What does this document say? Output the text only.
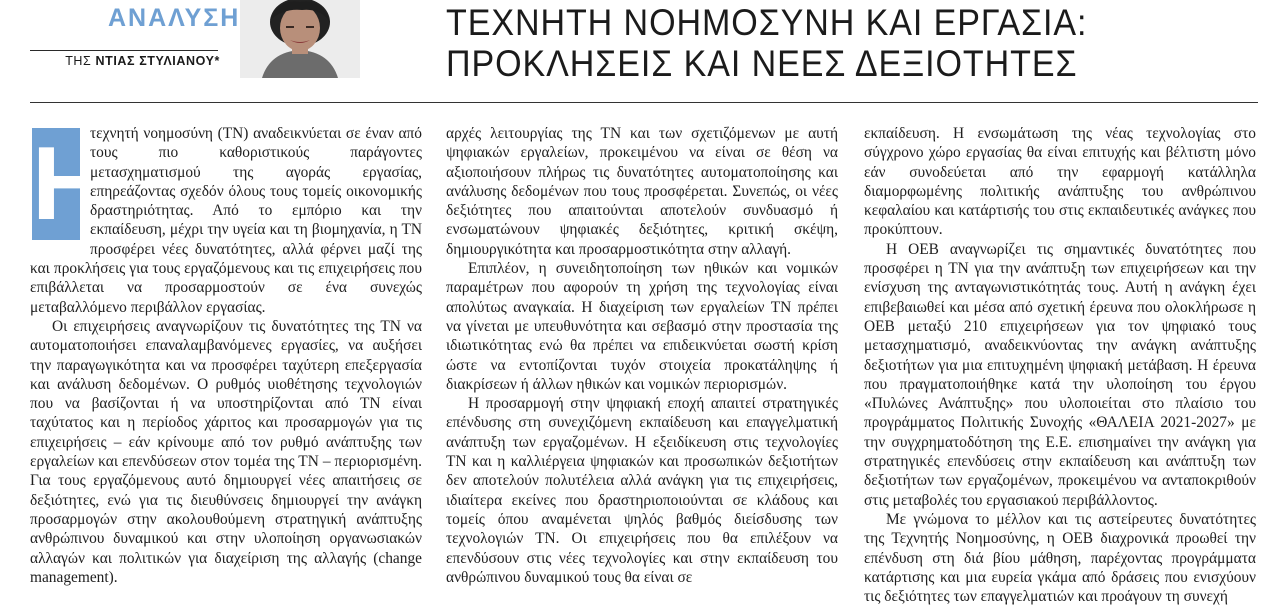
ΑΝΑΛΥΣΗ
ΤΗΣ ΝΤΙΑΣ ΣΤΥΛΙΑΝΟΥ*
ΤΕΧΝΗΤΗ ΝΟΗΜΟΣΥΝΗ ΚΑΙ ΕΡΓΑΣΙΑ:
ΠΡΟΚΛΗΣΕΙΣ ΚΑΙ ΝΕΕΣ ΔΕΞΙΟΤΗΤΕΣ

Η
τεχνητή νοημοσύνη (ΤΝ) αναδεικνύεται σε έναν από τους πιο καθοριστικούς παράγοντες μετασχηματισμού της αγοράς εργασίας, επηρεάζοντας σχεδόν όλους τους τομείς οικονομικής δραστηριότητας. Από το εμπόριο και την εκπαίδευση, μέχρι την υγεία και τη βιομηχανία, η ΤΝ προσφέρει νέες δυνατότητες, αλλά φέρνει μαζί της και προκλήσεις για τους εργαζόμενους και τις επιχειρήσεις που επιβάλλεται να προσαρμοστούν σε ένα συνεχώς μεταβαλλόμενο περιβάλλον εργασίας.

Οι επιχειρήσεις αναγνωρίζουν τις δυνατότητες της ΤΝ να αυτοματοποιήσει επαναλαμβανόμενες εργασίες, να αυξήσει την παραγωγικότητα και να προσφέρει ταχύτερη επεξεργασία και ανάλυση δεδομένων. Ο ρυθμός υιοθέτησης τεχνολογιών που να βασίζονται ή να υποστηρίζονται από ΤΝ είναι ταχύτατος και η περίοδος χάριτος και προσαρμογών για τις επιχειρήσεις – εάν κρίνουμε από τον ρυθμό ανάπτυξης των εργαλείων και επενδύσεων στον τομέα της ΤΝ – περιορισμένη. Για τους εργαζόμενους αυτό δημιουργεί νέες απαιτήσεις σε δεξιότητες, ενώ για τις διευθύνσεις δημιουργεί την ανάγκη προσαρμογών στην ακολουθούμενη στρατηγική ανάπτυξης ανθρώπινου δυναμικού και στην υλοποίηση οργανωσιακών αλλαγών και πολιτικών για διαχείριση της αλλαγής (change management).

αρχές λειτουργίας της ΤΝ και των σχετιζόμενων με αυτή ψηφιακών εργαλείων, προκειμένου να είναι σε θέση να αξιοποιήσουν πλήρως τις δυνατότητες αυτοματοποίησης και ανάλυσης δεδομένων που τους προσφέρεται. Συνεπώς, οι νέες δεξιότητες που απαιτούνται αποτελούν συνδυασμό ή ενσωματώνουν ψηφιακές δεξιότητες, κριτική σκέψη, δημιουργικότητα και προσαρμοστικότητα στην αλλαγή.

Επιπλέον, η συνειδητοποίηση των ηθικών και νομικών παραμέτρων που αφορούν τη χρήση της τεχνολογίας είναι απολύτως αναγκαία. Η διαχείριση των εργαλείων ΤΝ πρέπει να γίνεται με υπευθυνότητα και σεβασμό στην προστασία της ιδιωτικότητας ενώ θα πρέπει να επιδεικνύεται σωστή κρίση ώστε να εντοπίζονται τυχόν στοιχεία προκατάληψης ή διακρίσεων ή άλλων ηθικών και νομικών περιορισμών.

Η προσαρμογή στην ψηφιακή εποχή απαιτεί στρατηγικές επένδυσης στη συνεχιζόμενη εκπαίδευση και επαγγελματική ανάπτυξη των εργαζομένων. Η εξειδίκευση στις τεχνολογίες ΤΝ και η καλλιέργεια ψηφιακών και προσωπικών δεξιοτήτων δεν αποτελούν πολυτέλεια αλλά ανάγκη για τις επιχειρήσεις, ιδιαίτερα εκείνες που δραστηριοποιούνται σε κλάδους και τομείς όπου αναμένεται ψηλός βαθμός διείσδυσης των τεχνολογιών ΤΝ. Οι επιχειρήσεις που θα επιλέξουν να επενδύσουν στις νέες τεχνολογίες και στην εκπαίδευση του ανθρώπινου δυναμικού τους θα είναι σε

εκπαίδευση. Η ενσωμάτωση της νέας τεχνολογίας στο σύγχρονο χώρο εργασίας θα είναι επιτυχής και βέλτιστη μόνο εάν συνοδεύεται από την εφαρμογή κατάλληλα διαμορφωμένης πολιτικής ανάπτυξης του ανθρώπινου κεφαλαίου και κατάρτισής του στις εκπαιδευτικές ανάγκες που προκύπτουν.

Η ΟΕΒ αναγνωρίζει τις σημαντικές δυνατότητες που προσφέρει η ΤΝ για την ανάπτυξη των επιχειρήσεων και την ενίσχυση της ανταγωνιστικότητάς τους. Αυτή η ανάγκη έχει επιβεβαιωθεί και μέσα από σχετική έρευνα που ολοκλήρωσε η ΟΕΒ μεταξύ 210 επιχειρήσεων για τον ψηφιακό τους μετασχηματισμό, αναδεικνύοντας την ανάγκη ανάπτυξης δεξιοτήτων για μια επιτυχημένη ψηφιακή μετάβαση. Η έρευνα που πραγματοποιήθηκε κατά την υλοποίηση του έργου «Πυλώνες Ανάπτυξης» που υλοποιείται στο πλαίσιο του προγράμματος Πολιτικής Συνοχής «ΘΑΛΕΙΑ 2021-2027» με την συγχρηματοδότηση της Ε.Ε. επισημαίνει την ανάγκη για στρατηγικές επενδύσεις στην εκπαίδευση και ανάπτυξη των δεξιοτήτων των εργαζομένων, προκειμένου να ανταποκριθούν στις μεταβολές του εργασιακού περιβάλλοντος.

Με γνώμονα το μέλλον και τις αστείρευτες δυνατότητες της Τεχνητής Νοημοσύνης, η ΟΕΒ διαχρονικά προωθεί την επένδυση στη διά βίου μάθηση, παρέχοντας προγράμματα κατάρτισης και μια ευρεία γκάμα από δράσεις που ενισχύουν τις δεξιότητες των επαγγελματιών και προάγουν τη συνεχή
